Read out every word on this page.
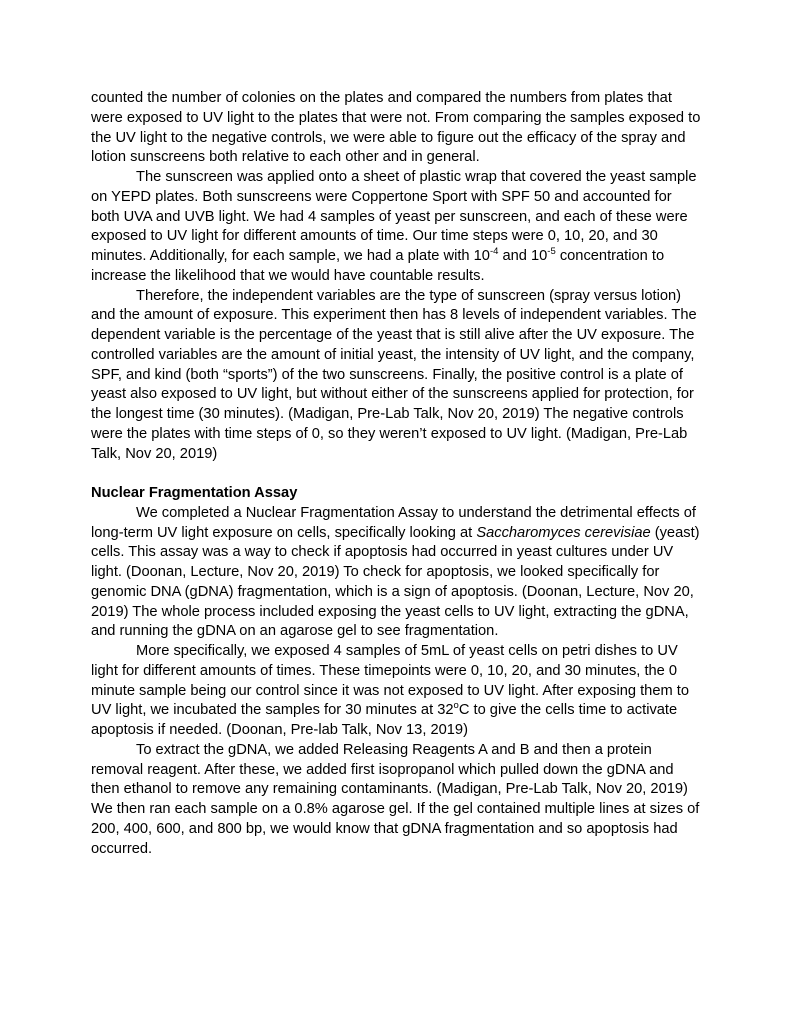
counted the number of colonies on the plates and compared the numbers from plates that were exposed to UV light to the plates that were not. From comparing the samples exposed to the UV light to the negative controls, we were able to figure out the efficacy of the spray and lotion sunscreens both relative to each other and in general.

The sunscreen was applied onto a sheet of plastic wrap that covered the yeast sample on YEPD plates. Both sunscreens were Coppertone Sport with SPF 50 and accounted for both UVA and UVB light. We had 4 samples of yeast per sunscreen, and each of these were exposed to UV light for different amounts of time. Our time steps were 0, 10, 20, and 30 minutes. Additionally, for each sample, we had a plate with $10^{-4}$ and $10^{-5}$ concentration to increase the likelihood that we would have countable results.

Therefore, the independent variables are the type of sunscreen (spray versus lotion) and the amount of exposure. This experiment then has 8 levels of independent variables. The dependent variable is the percentage of the yeast that is still alive after the UV exposure. The controlled variables are the amount of initial yeast, the intensity of UV light, and the company, SPF, and kind (both “sports”) of the two sunscreens. Finally, the positive control is a plate of yeast also exposed to UV light, but without either of the sunscreens applied for protection, for the longest time (30 minutes). (Madigan, Pre-Lab Talk, Nov 20, 2019) The negative controls were the plates with time steps of 0, so they weren’t exposed to UV light. (Madigan, Pre-Lab Talk, Nov 20, 2019)

Nuclear Fragmentation Assay

We completed a Nuclear Fragmentation Assay to understand the detrimental effects of long-term UV light exposure on cells, specifically looking at Saccharomyces cerevisiae (yeast) cells. This assay was a way to check if apoptosis had occurred in yeast cultures under UV light. (Doonan, Lecture, Nov 20, 2019) To check for apoptosis, we looked specifically for genomic DNA (gDNA) fragmentation, which is a sign of apoptosis. (Doonan, Lecture, Nov 20, 2019) The whole process included exposing the yeast cells to UV light, extracting the gDNA, and running the gDNA on an agarose gel to see fragmentation.

More specifically, we exposed 4 samples of 5mL of yeast cells on petri dishes to UV light for different amounts of times. These timepoints were 0, 10, 20, and 30 minutes, the 0 minute sample being our control since it was not exposed to UV light. After exposing them to UV light, we incubated the samples for 30 minutes at 32$^o$C to give the cells time to activate apoptosis if needed. (Doonan, Pre-lab Talk, Nov 13, 2019)

To extract the gDNA, we added Releasing Reagents A and B and then a protein removal reagent. After these, we added first isopropanol which pulled down the gDNA and then ethanol to remove any remaining contaminants. (Madigan, Pre-Lab Talk, Nov 20, 2019) We then ran each sample on a 0.8% agarose gel. If the gel contained multiple lines at sizes of 200, 400, 600, and 800 bp, we would know that gDNA fragmentation and so apoptosis had occurred.
